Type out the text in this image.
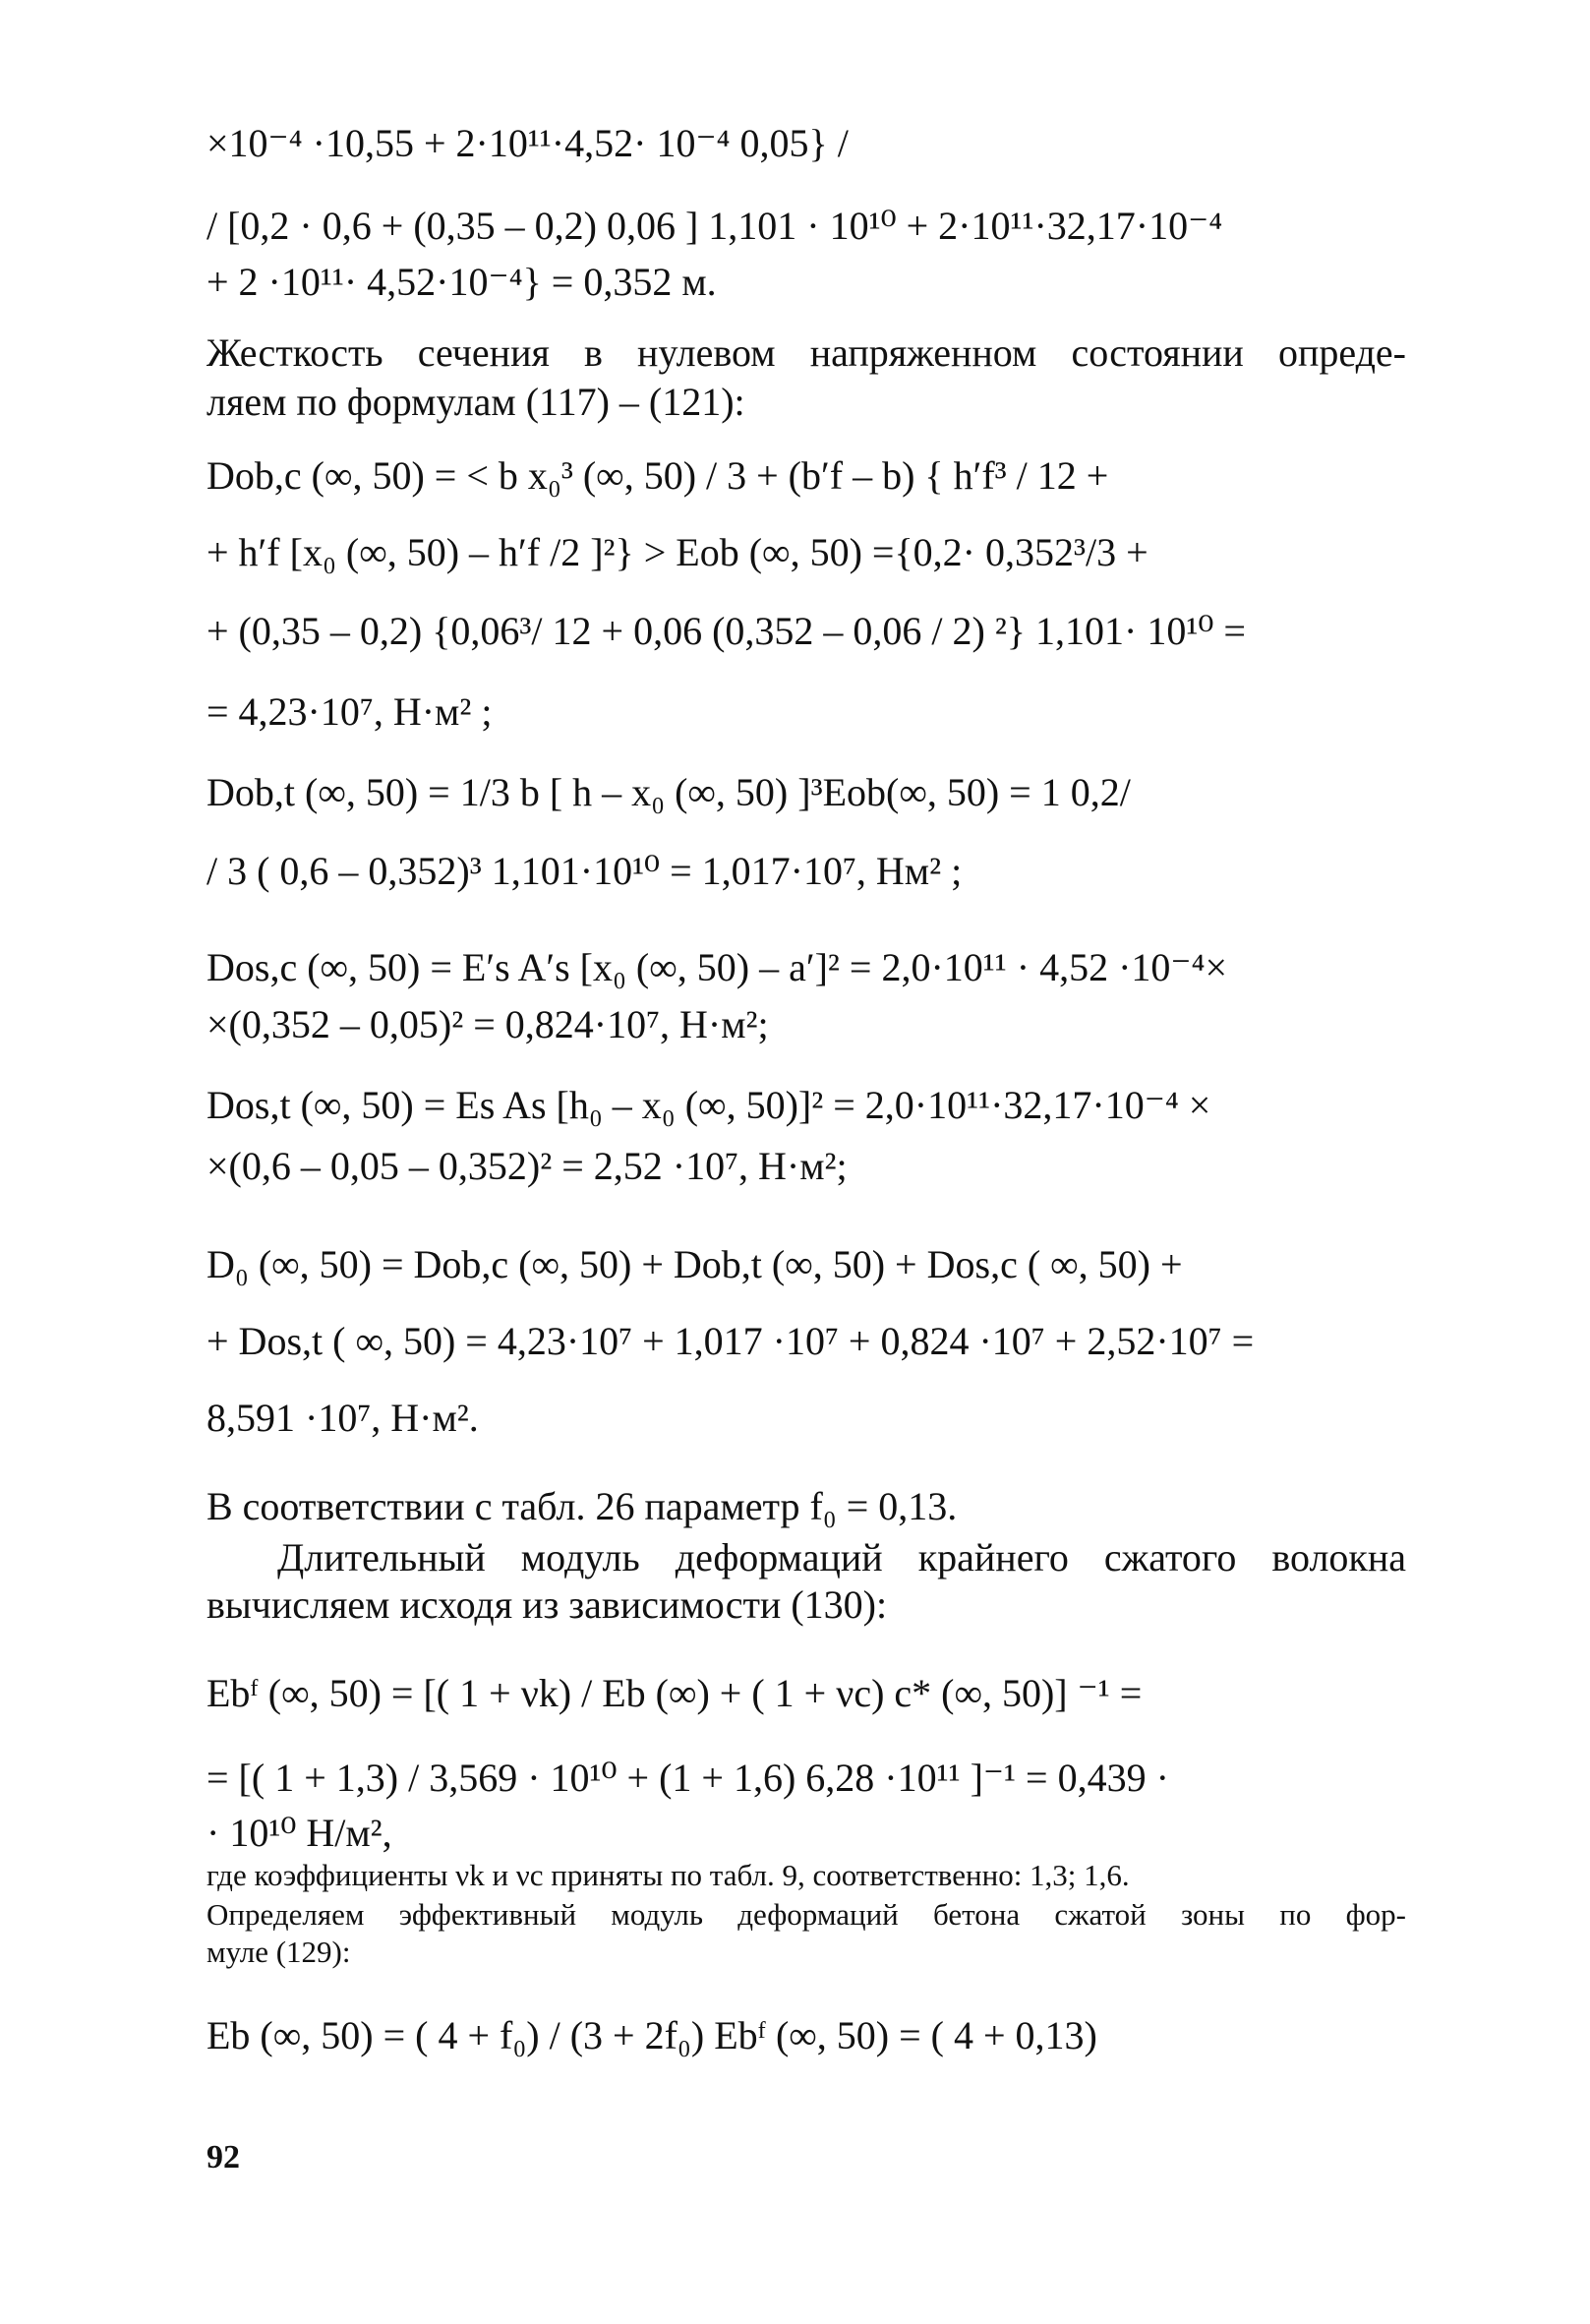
×10⁻⁴ ·10,55 + 2·10¹¹·4,52· 10⁻⁴ 0,05} /
/ [0,2 · 0,6 + (0,35 – 0,2) 0,06 ] 1,101 · 10¹⁰ + 2·10¹¹·32,17·10⁻⁴
+ 2 ·10¹¹· 4,52·10⁻⁴} = 0,352 м.
Жесткость сечения в нулевом напряженном состоянии опреде-
ляем по формулам (117) – (121):
Dob,c (∞, 50) = < b x₀³ (∞, 50) / 3 + (b′f – b) { h′f³ / 12 +
+ h′f [x₀ (∞, 50) – h′f /2 ]²} > Eob (∞, 50) ={0,2· 0,352³/3 +
+ (0,35 – 0,2) {0,06³/ 12 + 0,06 (0,352 – 0,06 / 2) ²} 1,101· 10¹⁰ =
= 4,23·10⁷, Н·м² ;
Dob,t (∞, 50) = 1/3 b [ h – x₀ (∞, 50) ]³Eob(∞, 50) = 1 0,2/
/ 3 ( 0,6 – 0,352)³ 1,101·10¹⁰ = 1,017·10⁷, Нм² ;
Dos,c (∞, 50) = E′s A′s [x₀ (∞, 50) – a′]² = 2,0·10¹¹ · 4,52 ·10⁻⁴×
×(0,352 – 0,05)² = 0,824·10⁷, Н·м²;
Dos,t (∞, 50) = Es As [h₀ – x₀ (∞, 50)]² = 2,0·10¹¹·32,17·10⁻⁴ ×
×(0,6 – 0,05 – 0,352)² = 2,52 ·10⁷, Н·м²;
D₀ (∞, 50) = Dob,c (∞, 50) + Dob,t (∞, 50) + Dos,c ( ∞, 50) +
+ Dos,t ( ∞, 50) = 4,23·10⁷ + 1,017 ·10⁷ + 0,824 ·10⁷ + 2,52·10⁷ =
8,591 ·10⁷, Н·м².
В соответствии с табл. 26 параметр f₀ = 0,13.
Длительный модуль деформаций крайнего сжатого волокна
вычисляем исходя из зависимости (130):
Ebᶠ (∞, 50) = [( 1 + νk) / Eb (∞) + ( 1 + νc) c* (∞, 50)] ⁻¹ =
= [( 1 + 1,3) / 3,569 · 10¹⁰ + (1 + 1,6) 6,28 ·10¹¹ ]⁻¹ = 0,439 ·
· 10¹⁰ Н/м²,
где коэффициенты νk и νc приняты по табл. 9, соответственно: 1,3; 1,6.
Определяем эффективный модуль деформаций бетона сжатой зоны по фор-
муле (129):
Eb (∞, 50) = ( 4 + f₀) / (3 + 2f₀) Ebᶠ (∞, 50) = ( 4 + 0,13)
92
